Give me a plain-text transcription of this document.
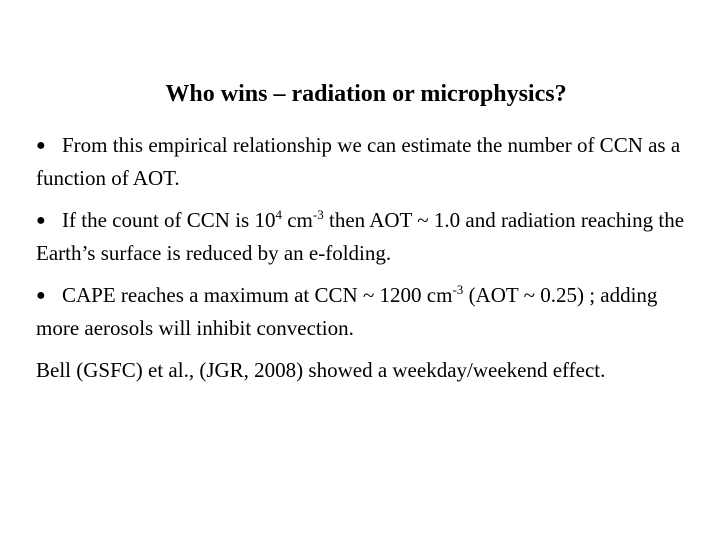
Who wins – radiation or microphysics?

● From this empirical relationship we can estimate the number of CCN as a function of AOT.

● If the count of CCN is $10^4$ $cm^{-3}$ then AOT ~ 1.0 and radiation reaching the Earth’s surface is reduced by an e-folding.

● CAPE reaches a maximum at CCN ~ 1200 $cm^{-3}$ (AOT ~ 0.25) ; adding more aerosols will inhibit convection.

Bell (GSFC) et al., (JGR, 2008) showed a weekday/weekend effect.
